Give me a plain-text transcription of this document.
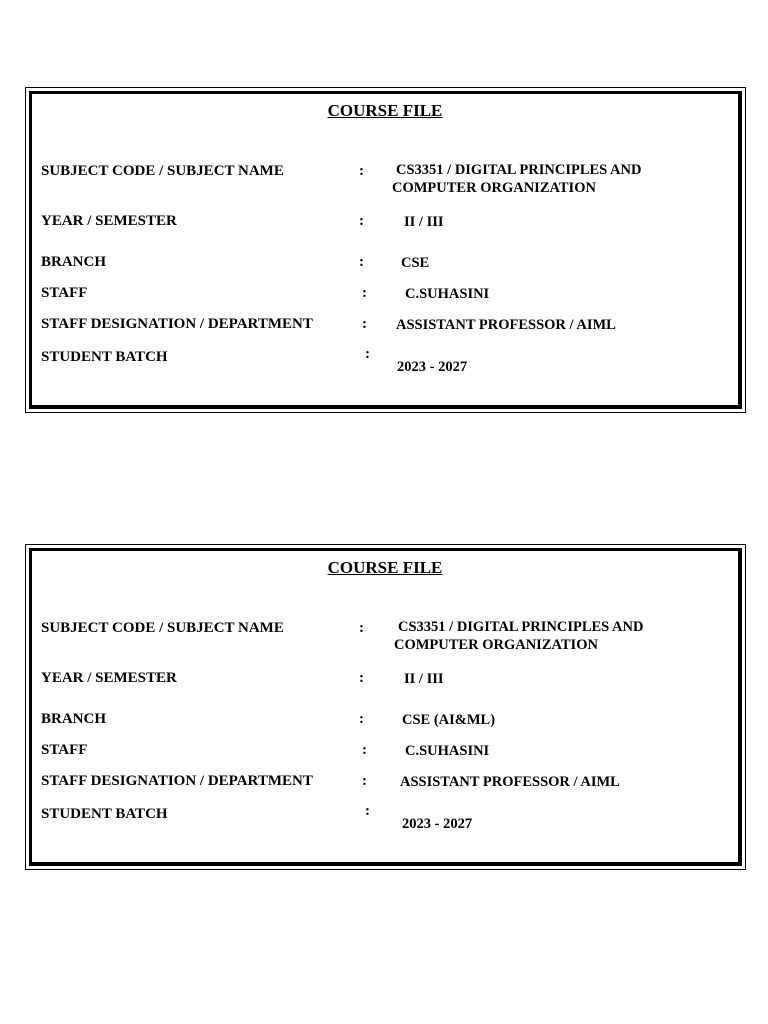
COURSE FILE
SUBJECT CODE / SUBJECT NAME	: CS3351 / DIGITAL PRINCIPLES AND
COMPUTER ORGANIZATION
YEAR / SEMESTER	:	II / III
BRANCH	:	CSE
STAFF	:	C.SUHASINI
STAFF DESIGNATION / DEPARTMENT	: ASSISTANT PROFESSOR / AIML
STUDENT BATCH	:
2023 - 2027
COURSE FILE
SUBJECT CODE / SUBJECT NAME	: CS3351 / DIGITAL PRINCIPLES AND
COMPUTER ORGANIZATION
YEAR / SEMESTER	:	II / III
BRANCH	:	CSE (AI&ML)
STAFF	:	C.SUHASINI
STAFF DESIGNATION / DEPARTMENT	: ASSISTANT PROFESSOR / AIML
STUDENT BATCH	:
2023 - 2027
